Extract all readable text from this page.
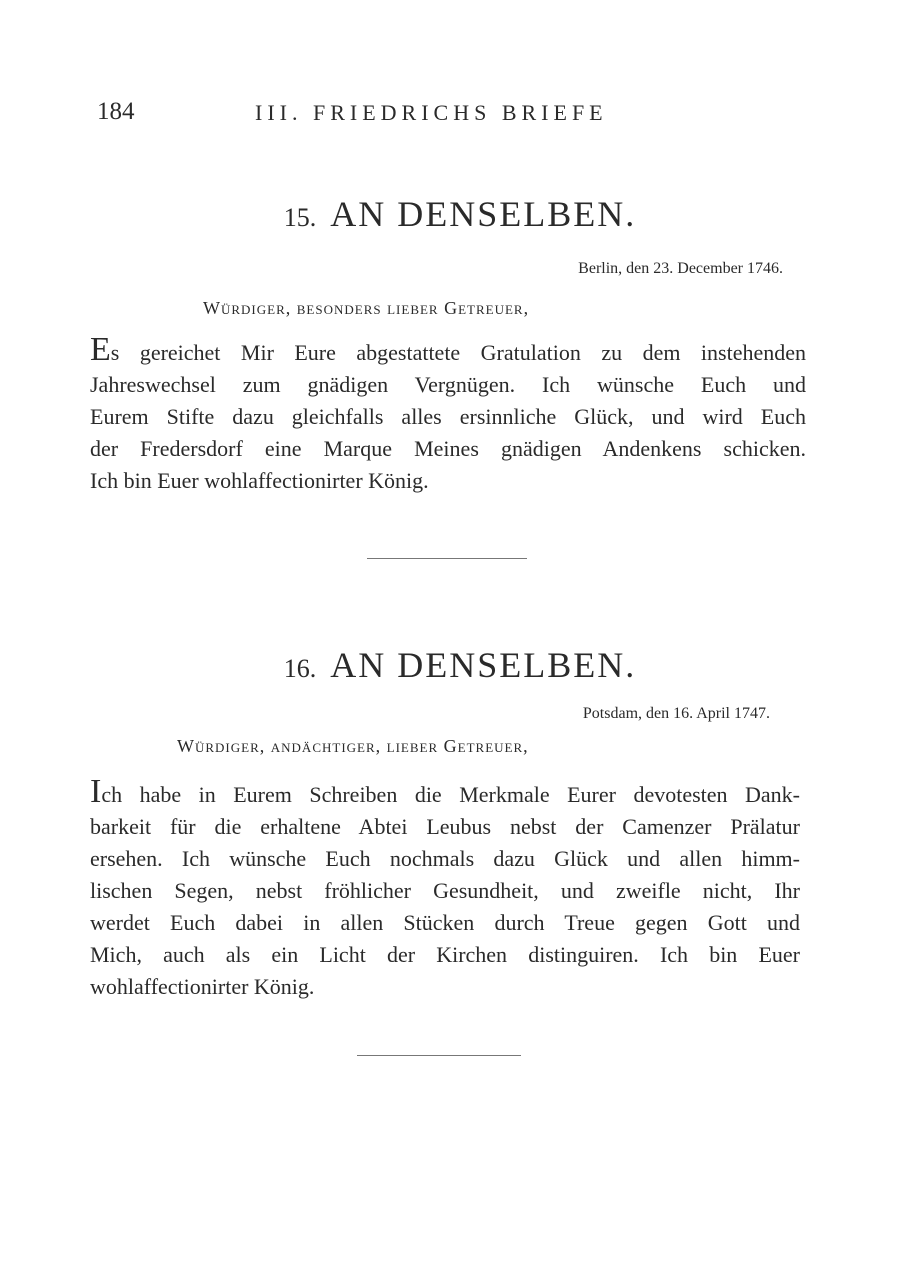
184	III. FRIEDRICHS BRIEFE
15. AN DENSELBEN.
Berlin, den 23. December 1746.
Würdiger, besonders lieber Getreuer,
Es gereichet Mir Eure abgestattete Gratulation zu dem instehenden
Jahreswechsel zum gnädigen Vergnügen. Ich wünsche Euch und
Eurem Stifte dazu gleichfalls alles ersinnliche Glück, und wird Euch
der Fredersdorf eine Marque Meines gnädigen Andenkens schicken.
Ich bin Euer wohlaffectionirter König.
16. AN DENSELBEN.
Potsdam, den 16. April 1747.
Würdiger, andächtiger, lieber Getreuer,
Ich habe in Eurem Schreiben die Merkmale Eurer devotesten Dank-
barkeit für die erhaltene Abtei Leubus nebst der Camenzer Prälatur
ersehen. Ich wünsche Euch nochmals dazu Glück und allen himm-
lischen Segen, nebst fröhlicher Gesundheit, und zweifle nicht, Ihr
werdet Euch dabei in allen Stücken durch Treue gegen Gott und
Mich, auch als ein Licht der Kirchen distinguiren. Ich bin Euer
wohlaffectionirter König.
